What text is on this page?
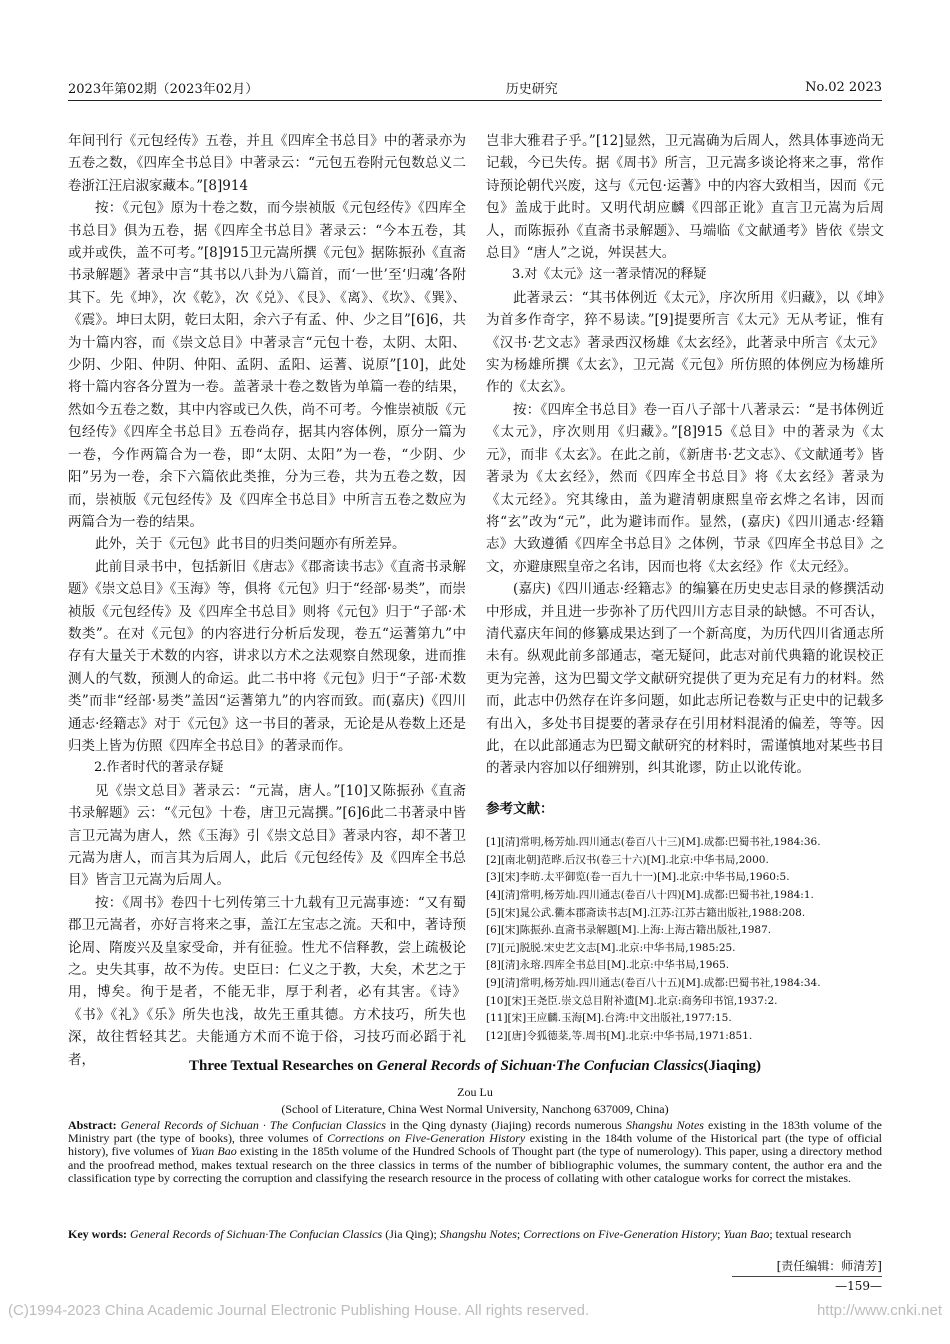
2023年第02期（2023年02月）	历史研究	No.02 2023

年间刊行《元包经传》五卷，并且《四库全书总目》中的著录亦为五卷之数，《四库全书总目》中著录云：“元包五卷附元包数总义二卷浙江汪启淑家藏本。”[8]914

按：《元包》原为十卷之数，而今崇祯版《元包经传》《四库全书总目》俱为五卷，据《四库全书总目》著录云：“今本五卷，其或并或佚，盖不可考。”[8]915卫元嵩所撰《元包》据陈振孙《直斋书录解题》著录中言“其书以八卦为八篇首，而‘一世’至‘归魂’各附其下。先《坤》，次《乾》，次《兑》、《艮》、《离》、《坎》、《巽》、《震》。坤曰太阴，乾曰太阳，余六子有孟、仲、少之目”[6]6，共为十篇内容，而《崇文总目》中著录言“元包十卷，太阴、太阳、少阴、少阳、仲阴、仲阳、孟阴、孟阳、运蓍、说原”[10]，此处将十篇内容各分置为一卷。盖著录十卷之数皆为单篇一卷的结果，然如今五卷之数，其中内容或已久佚，尚不可考。今惟崇祯版《元包经传》《四库全书总目》五卷尚存，据其内容体例，原分一篇为一卷，今作两篇合为一卷，即“太阴、太阳”为一卷，“少阴、少阳”另为一卷，余下六篇依此类推，分为三卷，共为五卷之数，因而，崇祯版《元包经传》及《四库全书总目》中所言五卷之数应为两篇合为一卷的结果。

此外，关于《元包》此书目的归类问题亦有所差异。

此前目录书中，包括新旧《唐志》《郡斋读书志》《直斋书录解题》《崇文总目》《玉海》等，俱将《元包》归于“经部·易类”，而崇祯版《元包经传》及《四库全书总目》则将《元包》归于“子部·术数类”。在对《元包》的内容进行分析后发现，卷五“运蓍第九”中存有大量关于术数的内容，讲求以方术之法观察自然现象，进而推测人的气数，预测人的命运。此二书中将《元包》归于“子部·术数类”而非“经部·易类”盖因“运蓍第九”的内容而致。而(嘉庆)《四川通志·经籍志》对于《元包》这一书目的著录，无论是从卷数上还是归类上皆为仿照《四库全书总目》的著录而作。

2.作者时代的著录存疑

见《崇文总目》著录云：“元嵩，唐人。”[10]又陈振孙《直斋书录解题》云：“《元包》十卷，唐卫元嵩撰。”[6]6此二书著录中皆言卫元嵩为唐人，然《玉海》引《崇文总目》著录内容，却不著卫元嵩为唐人，而言其为后周人，此后《元包经传》及《四库全书总目》皆言卫元嵩为后周人。

按：《周书》卷四十七列传第三十九载有卫元嵩事迹：“又有蜀郡卫元嵩者，亦好言将来之事，盖江左宝志之流。天和中，著诗预论周、隋废兴及皇家受命，并有征验。性尤不信释教，尝上疏极论之。史失其事，故不为传。史臣曰：仁义之于教，大矣，术艺之于用，博矣。徇于是者，不能无非，厚于利者，必有其害。《诗》《书》《礼》《乐》所失也浅，故先王重其德。方术技巧，所失也深，故往哲轻其艺。夫能通方术而不诡于俗，习技巧而必蹈于礼者，

岂非大雅君子乎。”[12]显然，卫元嵩确为后周人，然具体事迹尚无记载，今已失传。据《周书》所言，卫元嵩多谈论将来之事，常作诗预论朝代兴废，这与《元包·运蓍》中的内容大致相当，因而《元包》盖成于此时。又明代胡应麟《四部正讹》直言卫元嵩为后周人，而陈振孙《直斋书录解题》、马端临《文献通考》皆依《崇文总目》“唐人”之说，舛误甚大。

3.对《太元》这一著录情况的释疑

此著录云：“其书体例近《太元》，序次所用《归藏》，以《坤》为首多作奇字，猝不易读。”[9]提要所言《太元》无从考证，惟有《汉书·艺文志》著录西汉杨雄《太玄经》，此著录中所言《太元》实为杨雄所撰《太玄》，卫元嵩《元包》所仿照的体例应为杨雄所作的《太玄》。

按：《四库全书总目》卷一百八子部十八著录云：“是书体例近《太元》，序次则用《归藏》。”[8]915《总目》中的著录为《太元》，而非《太玄》。在此之前，《新唐书·艺文志》、《文献通考》皆著录为《太玄经》，然而《四库全书总目》将《太玄经》著录为《太元经》。究其缘由，盖为避清朝康熙皇帝玄烨之名讳，因而将“玄”改为“元”，此为避讳而作。显然，(嘉庆)《四川通志·经籍志》大致遵循《四库全书总目》之体例，节录《四库全书总目》之文，亦避康熙皇帝之名讳，因而也将《太玄经》作《太元经》。

(嘉庆)《四川通志·经籍志》的编纂在历史史志目录的修撰活动中形成，并且进一步弥补了历代四川方志目录的缺憾。不可否认，清代嘉庆年间的修纂成果达到了一个新高度，为历代四川省通志所未有。纵观此前多部通志，毫无疑问，此志对前代典籍的讹误校正更为完善，这为巴蜀文学文献研究提供了更为充足有力的材料。然而，此志中仍然存在许多问题，如此志所记卷数与正史中的记载多有出入，多处书目提要的著录存在引用材料混淆的偏差，等等。因此，在以此部通志为巴蜀文献研究的材料时，需谨慎地对某些书目的著录内容加以仔细辨别，纠其讹谬，防止以讹传讹。

参考文献：

[1][清]常明,杨芳灿.四川通志(卷百八十三)[M].成都:巴蜀书社,1984:36.
[2][南北朝]范晔.后汉书(卷三十六)[M].北京:中华书局,2000.
[3][宋]李昉.太平御览(卷一百九十一)[M].北京:中华书局,1960:5.
[4][清]常明,杨芳灿.四川通志(卷百八十四)[M].成都:巴蜀书社,1984:1.
[5][宋]晁公武.衢本郡斋读书志[M].江苏:江苏古籍出版社,1988:208.
[6][宋]陈振孙.直斋书录解题[M].上海:上海古籍出版社,1987.
[7][元]脱脱.宋史艺文志[M].北京:中华书局,1985:25.
[8][清]永瑢.四库全书总目[M].北京:中华书局,1965.
[9][清]常明,杨芳灿.四川通志(卷百八十五)[M].成都:巴蜀书社,1984:34.
[10][宋]王尧臣.崇文总目附补遗[M].北京:商务印书馆,1937:2.
[11][宋]王应麟.玉海[M].台湾:中文出版社,1977:15.
[12][唐]令狐德棻,等.周书[M].北京:中华书局,1971:851.
Three Textual Researches on General Records of Sichuan·The Confucian Classics(Jiaqing)
Zou Lu
(School of Literature, China West Normal University, Nanchong 637009, China)
Abstract: General Records of Sichuan · The Confucian Classics in the Qing dynasty (Jiajing) records numerous Shangshu Notes existing in the 183th volume of the Ministry part (the type of books), three volumes of Corrections on Five-Generation History existing in the 184th volume of the Historical part (the type of official history), five volumes of Yuan Bao existing in the 185th volume of the Hundred Schools of Thought part (the type of numerology). This paper, using a directory method and the proofread method, makes textual research on the three classics in terms of the number of bibliographic volumes, the summary content, the author era and the classification type by correcting the corruption and classifying the research resource in the process of collating with other catalogue works for correct the mistakes.
Key words: General Records of Sichuan·The Confucian Classics (Jia Qing); Shangshu Notes; Corrections on Five-Generation History; Yuan Bao; textual research
[责任编辑：师清芳]
—159—
(C)1994-2023 China Academic Journal Electronic Publishing House. All rights reserved.	http://www.cnki.net
